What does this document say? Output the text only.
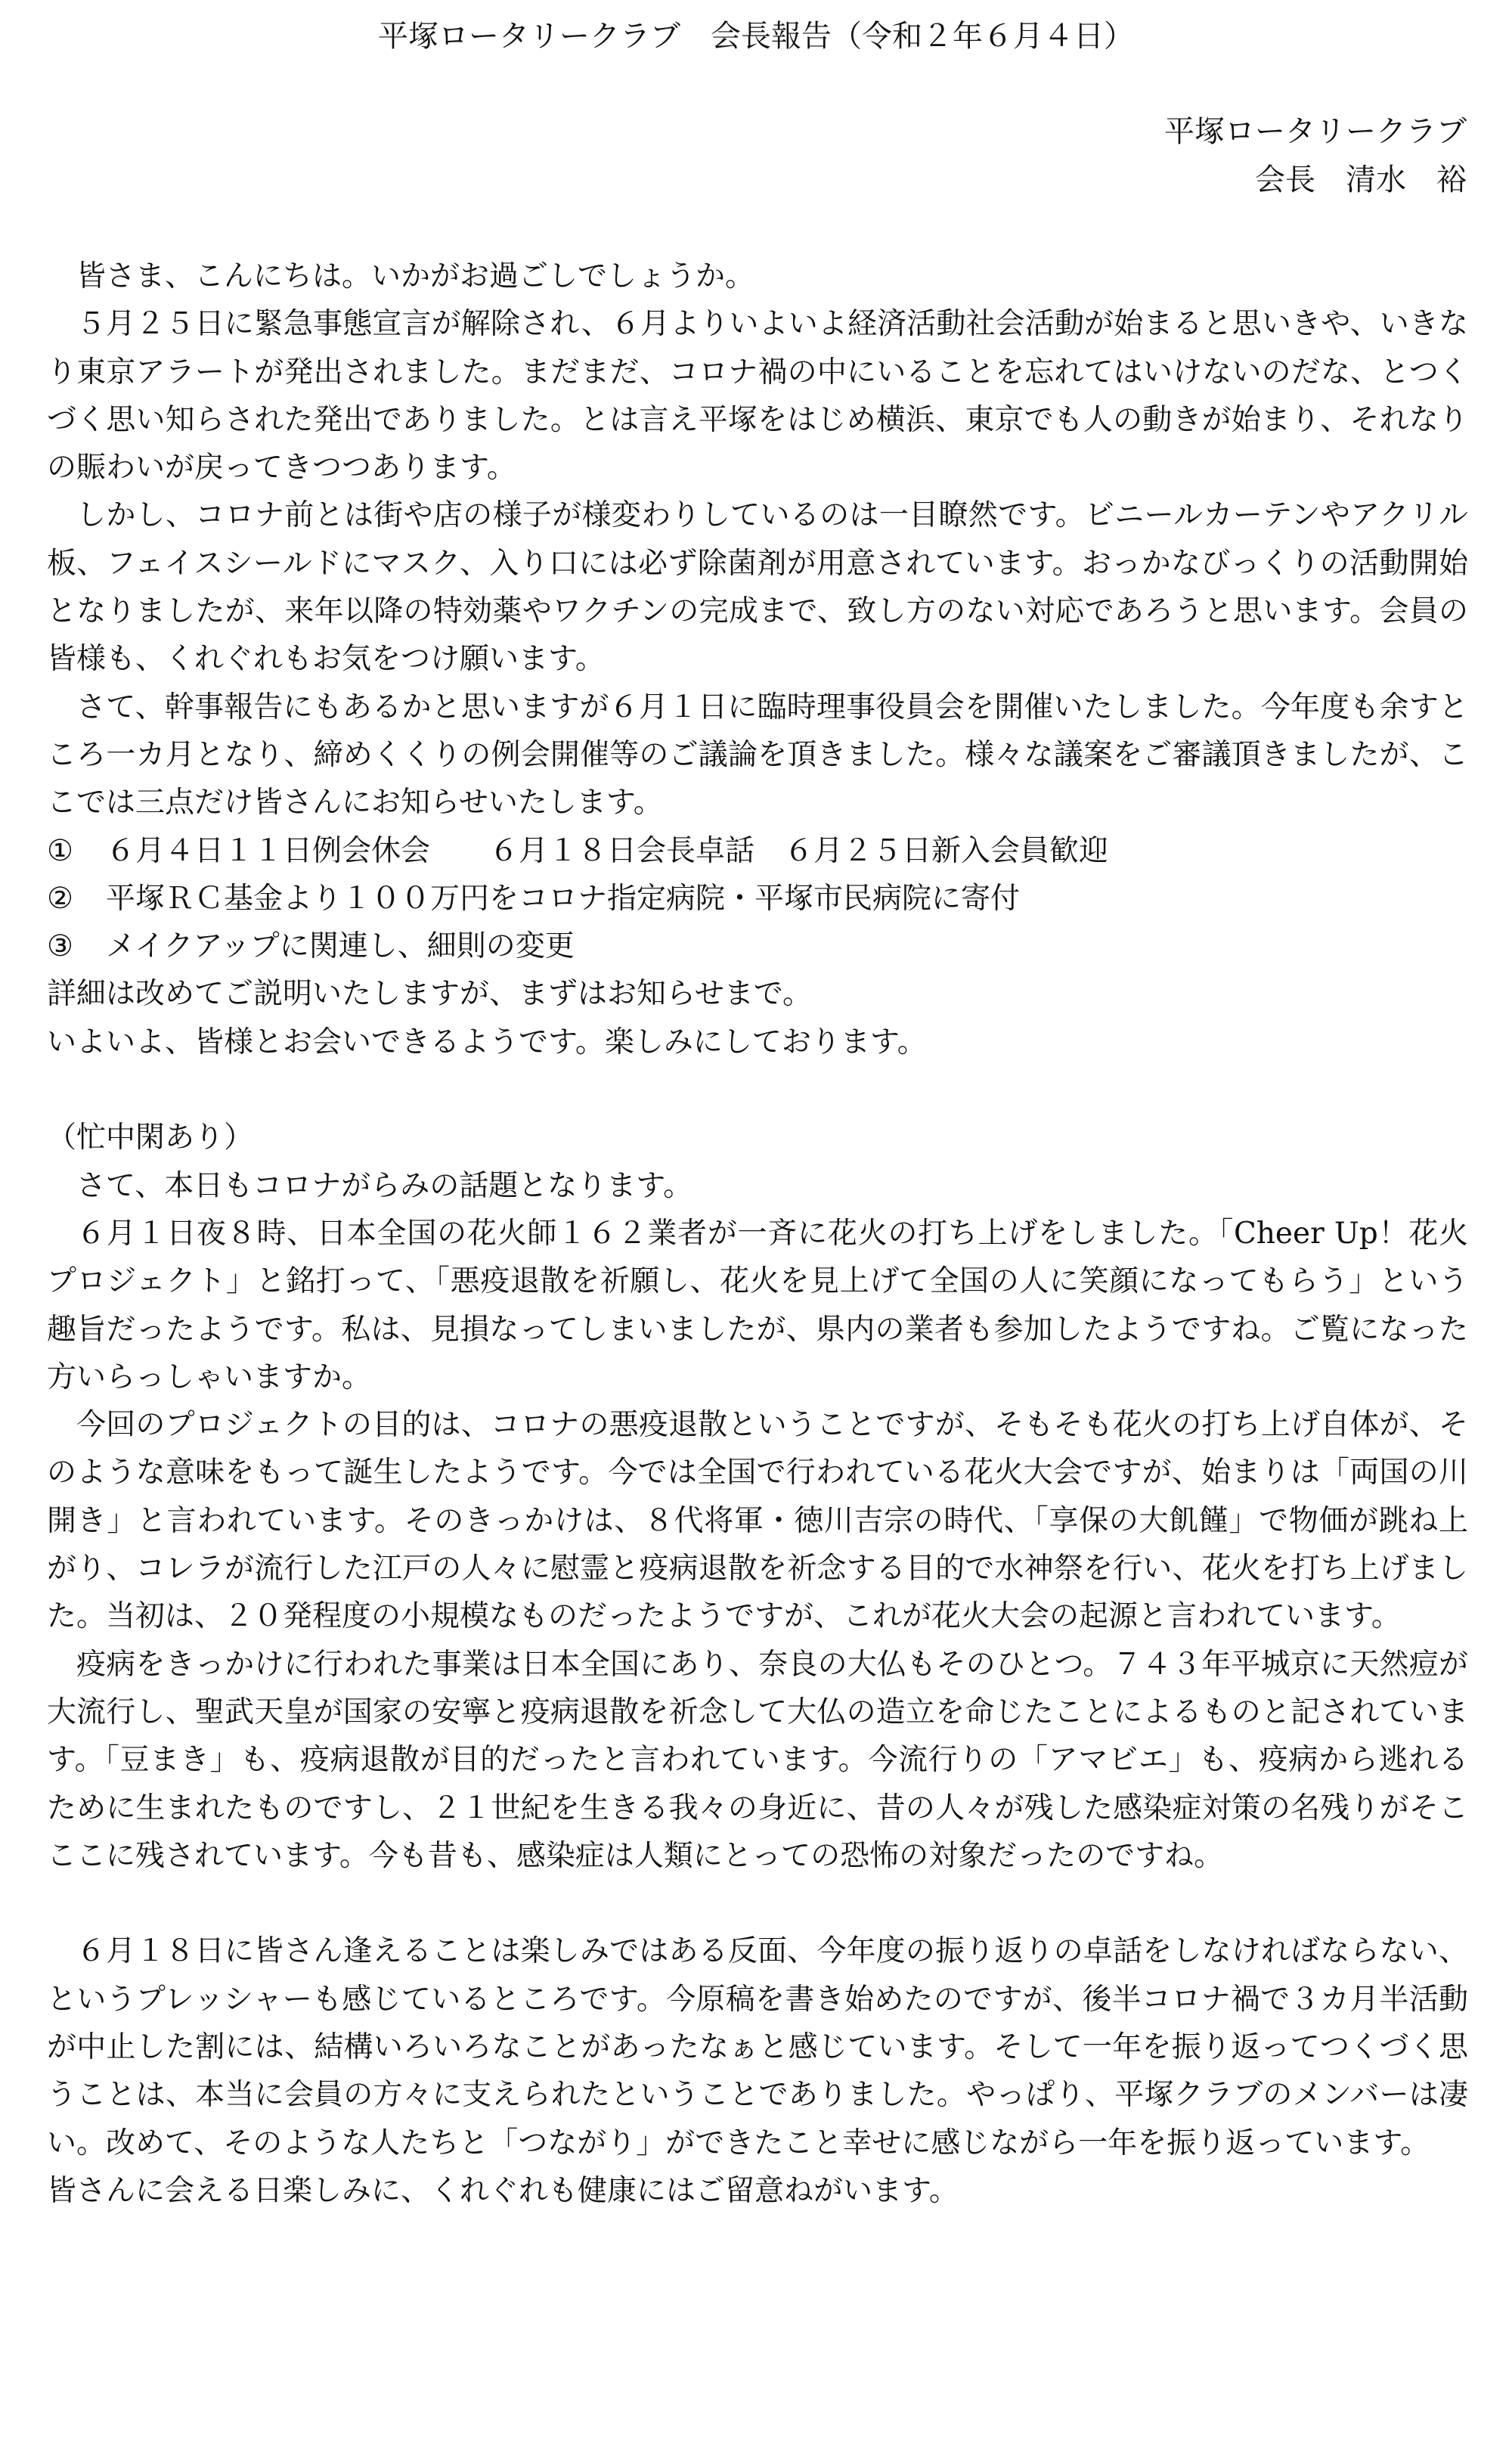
平塚ロータリークラブ　会長報告（令和２年６月４日）
平塚ロータリークラブ
会長　清水　裕

皆さま、こんにちは。いかがお過ごしでしょうか。

５月２５日に緊急事態宣言が解除され、６月よりいよいよ経済活動社会活動が始まると思いきや、いきなり東京アラートが発出されました。まだまだ、コロナ禍の中にいることを忘れてはいけないのだな、とつくづく思い知らされた発出でありました。とは言え平塚をはじめ横浜、東京でも人の動きが始まり、それなりの賑わいが戻ってきつつあります。

しかし、コロナ前とは街や店の様子が様変わりしているのは一目瞭然です。ビニールカーテンやアクリル板、フェイスシールドにマスク、入り口には必ず除菌剤が用意されています。おっかなびっくりの活動開始となりましたが、来年以降の特効薬やワクチンの完成まで、致し方のない対応であろうと思います。会員の皆様も、くれぐれもお気をつけ願います。

さて、幹事報告にもあるかと思いますが６月１日に臨時理事役員会を開催いたしました。今年度も余すところ一カ月となり、締めくくりの例会開催等のご議論を頂きました。様々な議案をご審議頂きましたが、ここでは三点だけ皆さんにお知らせいたします。

① ６月４日１１日例会休会　　６月１８日会長卓話　６月２５日新入会員歓迎

② 平塚ＲＣ基金より１００万円をコロナ指定病院・平塚市民病院に寄付

③ メイクアップに関連し、細則の変更

詳細は改めてご説明いたしますが、まずはお知らせまで。

いよいよ、皆様とお会いできるようです。楽しみにしております。

（忙中閑あり）

さて、本日もコロナがらみの話題となります。

６月１日夜８時、日本全国の花火師１６２業者が一斉に花火の打ち上げをしました。「Cheer Up！花火プロジェクト」と銘打って、「悪疫退散を祈願し、花火を見上げて全国の人に笑顔になってもらう」という趣旨だったようです。私は、見損なってしまいましたが、県内の業者も参加したようですね。ご覧になった方いらっしゃいますか。

今回のプロジェクトの目的は、コロナの悪疫退散ということですが、そもそも花火の打ち上げ自体が、そのような意味をもって誕生したようです。今では全国で行われている花火大会ですが、始まりは「両国の川開き」と言われています。そのきっかけは、８代将軍・徳川吉宗の時代、「享保の大飢饉」で物価が跳ね上がり、コレラが流行した江戸の人々に慰霊と疫病退散を祈念する目的で水神祭を行い、花火を打ち上げました。当初は、２０発程度の小規模なものだったようですが、これが花火大会の起源と言われています。

疫病をきっかけに行われた事業は日本全国にあり、奈良の大仏もそのひとつ。７４３年平城京に天然痘が大流行し、聖武天皇が国家の安寧と疫病退散を祈念して大仏の造立を命じたことによるものと記されています。「豆まき」も、疫病退散が目的だったと言われています。今流行りの「アマビエ」も、疫病から逃れるために生まれたものですし、２１世紀を生きる我々の身近に、昔の人々が残した感染症対策の名残りがそこここに残されています。今も昔も、感染症は人類にとっての恐怖の対象だったのですね。

６月１８日に皆さん逢えることは楽しみではある反面、今年度の振り返りの卓話をしなければならない、というプレッシャーも感じているところです。今原稿を書き始めたのですが、後半コロナ禍で３カ月半活動が中止した割には、結構いろいろなことがあったなぁと感じています。そして一年を振り返ってつくづく思うことは、本当に会員の方々に支えられたということでありました。やっぱり、平塚クラブのメンバーは凄い。改めて、そのような人たちと「つながり」ができたこと幸せに感じながら一年を振り返っています。

皆さんに会える日楽しみに、くれぐれも健康にはご留意ねがいます。
